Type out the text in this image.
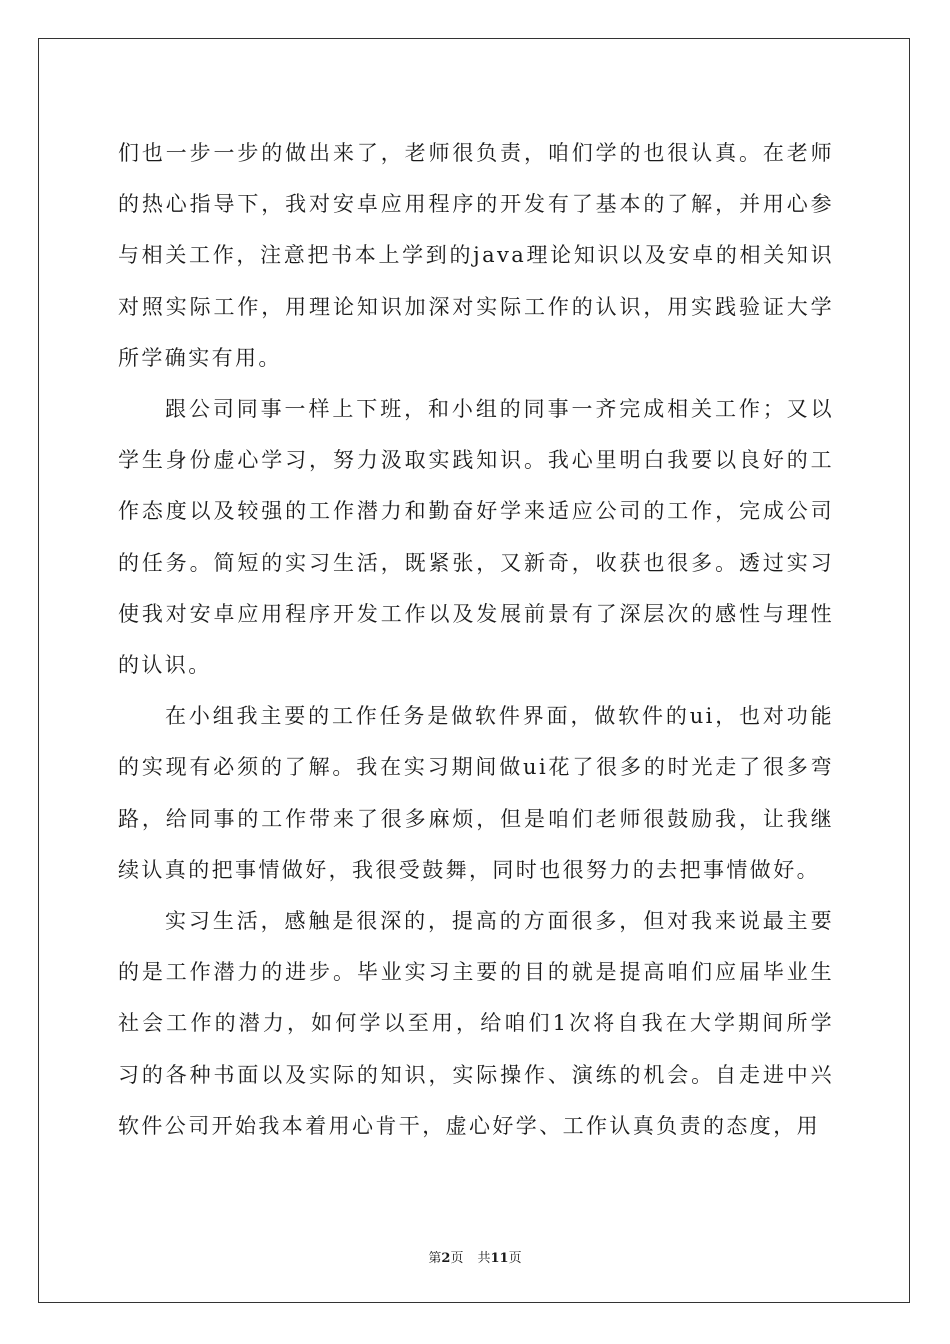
们也一步一步的做出来了，老师很负责，咱们学的也很认真。在老师的热心指导下，我对安卓应用程序的开发有了基本的了解，并用心参与相关工作，注意把书本上学到的java理论知识以及安卓的相关知识对照实际工作，用理论知识加深对实际工作的认识，用实践验证大学所学确实有用。

跟公司同事一样上下班，和小组的同事一齐完成相关工作；又以学生身份虚心学习，努力汲取实践知识。我心里明白我要以良好的工作态度以及较强的工作潜力和勤奋好学来适应公司的工作，完成公司的任务。简短的实习生活，既紧张，又新奇，收获也很多。透过实习使我对安卓应用程序开发工作以及发展前景有了深层次的感性与理性的认识。

在小组我主要的工作任务是做软件界面，做软件的ui，也对功能的实现有必须的了解。我在实习期间做ui花了很多的时光走了很多弯路，给同事的工作带来了很多麻烦，但是咱们老师很鼓励我，让我继续认真的把事情做好，我很受鼓舞，同时也很努力的去把事情做好。

实习生活，感触是很深的，提高的方面很多，但对我来说最主要的是工作潜力的进步。毕业实习主要的目的就是提高咱们应届毕业生社会工作的潜力，如何学以至用，给咱们1次将自我在大学期间所学习的各种书面以及实际的知识，实际操作、演练的机会。自走进中兴软件公司开始我本着用心肯干，虚心好学、工作认真负责的态度，用

第2页 共11页
